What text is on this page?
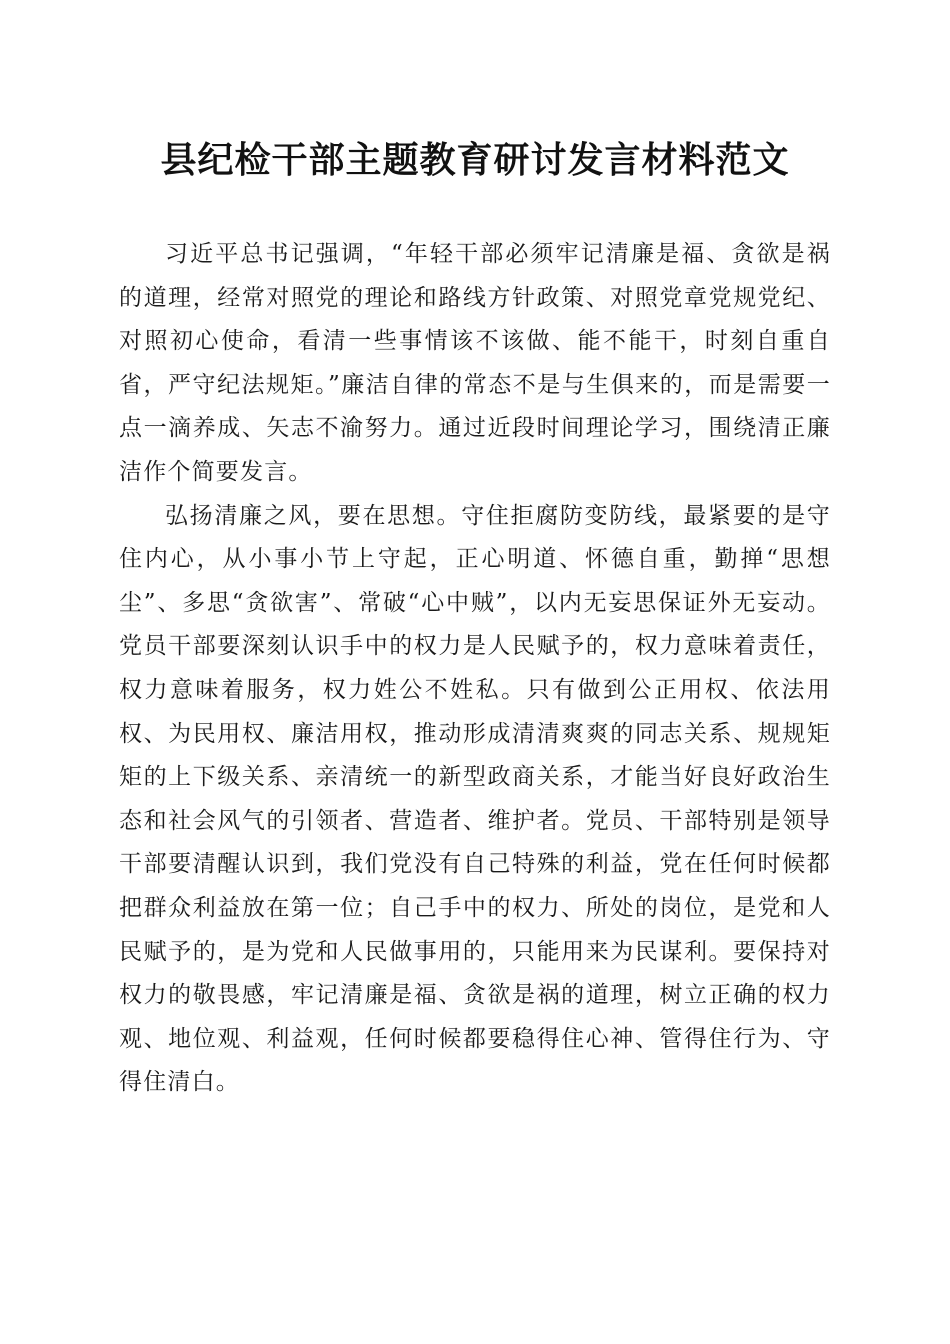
县纪检干部主题教育研讨发言材料范文

习近平总书记强调，“年轻干部必须牢记清廉是福、贪欲是祸的道理，经常对照党的理论和路线方针政策、对照党章党规党纪、对照初心使命，看清一些事情该不该做、能不能干，时刻自重自省，严守纪法规矩。”廉洁自律的常态不是与生俱来的，而是需要一点一滴养成、矢志不渝努力。通过近段时间理论学习，围绕清正廉洁作个简要发言。

弘扬清廉之风，要在思想。守住拒腐防变防线，最紧要的是守住内心，从小事小节上守起，正心明道、怀德自重，勤掸“思想尘”、多思“贪欲害”、常破“心中贼”，以内无妄思保证外无妄动。党员干部要深刻认识手中的权力是人民赋予的，权力意味着责任，权力意味着服务，权力姓公不姓私。只有做到公正用权、依法用权、为民用权、廉洁用权，推动形成清清爽爽的同志关系、规规矩矩的上下级关系、亲清统一的新型政商关系，才能当好良好政治生态和社会风气的引领者、营造者、维护者。党员、干部特别是领导干部要清醒认识到，我们党没有自己特殊的利益，党在任何时候都把群众利益放在第一位；自己手中的权力、所处的岗位，是党和人民赋予的，是为党和人民做事用的，只能用来为民谋利。要保持对权力的敬畏感，牢记清廉是福、贪欲是祸的道理，树立正确的权力观、地位观、利益观，任何时候都要稳得住心神、管得住行为、守得住清白。
